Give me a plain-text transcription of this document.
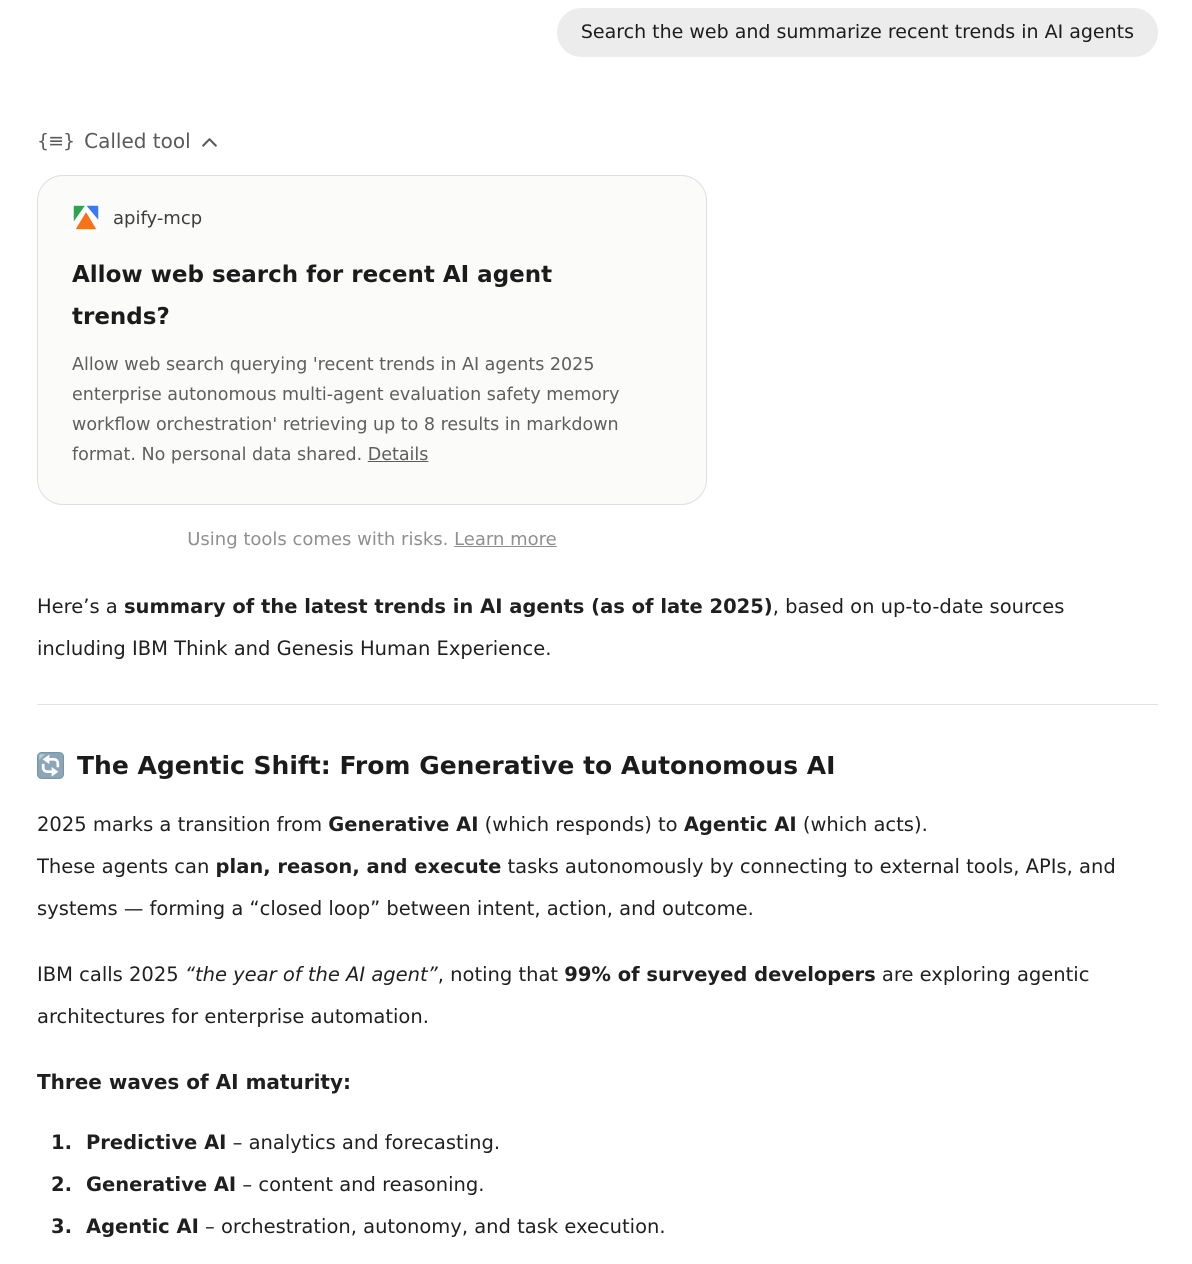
Search the web and summarize recent trends in AI agents
{≡} Called tool
apify-mcp
Allow web search for recent AI agent trends?

Allow web search querying 'recent trends in AI agents 2025 enterprise autonomous multi-agent evaluation safety memory workflow orchestration' retrieving up to 8 results in markdown format. No personal data shared. Details

Using tools comes with risks. Learn more

Here’s a summary of the latest trends in AI agents (as of late 2025), based on up-to-date sources including IBM Think and Genesis Human Experience.

The Agentic Shift: From Generative to Autonomous AI

2025 marks a transition from Generative AI (which responds) to Agentic AI (which acts).
These agents can plan, reason, and execute tasks autonomously by connecting to external tools, APIs, and systems — forming a “closed loop” between intent, action, and outcome.

IBM calls 2025 “the year of the AI agent”, noting that 99% of surveyed developers are exploring agentic architectures for enterprise automation.

Three waves of AI maturity:

1. Predictive AI – analytics and forecasting.
2. Generative AI – content and reasoning.
3. Agentic AI – orchestration, autonomy, and task execution.
